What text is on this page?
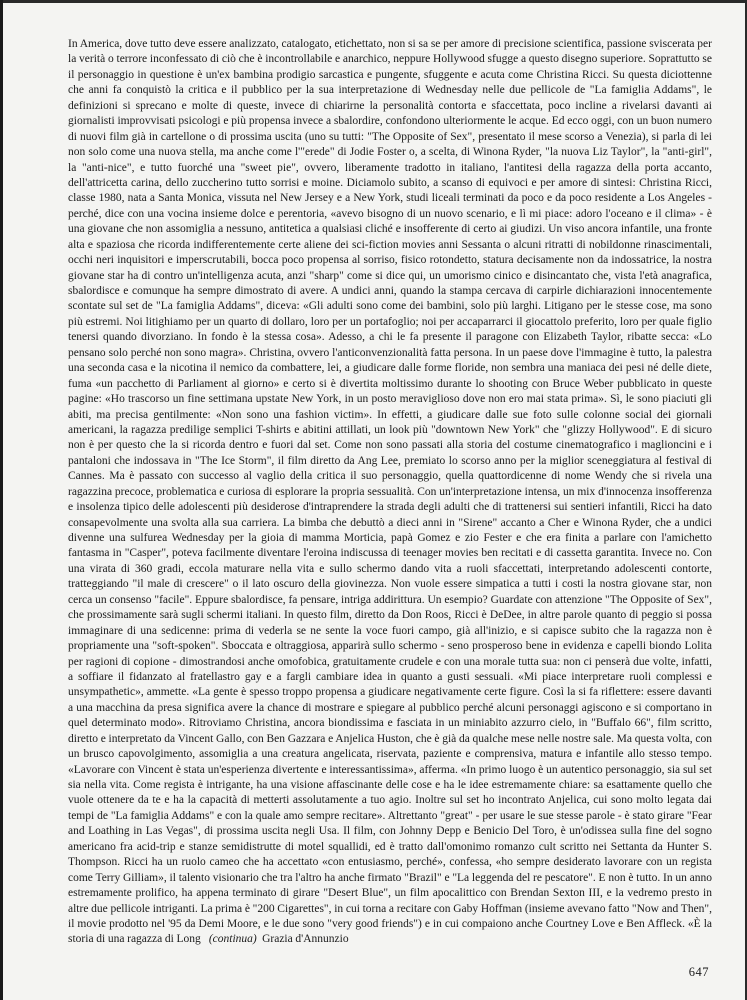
In America, dove tutto deve essere analizzato, catalogato, etichettato, non si sa se per amore di precisione scientifica, passione sviscerata per la verità o terrore inconfessato di ciò che è incontrollabile e anarchico, neppure Hollywood sfugge a questo disegno superiore. Soprattutto se il personaggio in questione è un'ex bambina prodigio sarcastica e pungente, sfuggente e acuta come Christina Ricci. Su questa diciottenne che anni fa conquistò la critica e il pubblico per la sua interpretazione di Wednesday nelle due pellicole de "La famiglia Addams", le definizioni si sprecano e molte di queste, invece di chiarirne la personalità contorta e sfaccettata, poco incline a rivelarsi davanti ai giornalisti improvvisati psicologi e più propensa invece a sbalordire, confondono ulteriormente le acque. Ed ecco oggi, con un buon numero di nuovi film già in cartellone o di prossima uscita (uno su tutti: "The Opposite of Sex", presentato il mese scorso a Venezia), si parla di lei non solo come una nuova stella, ma anche come l'"erede" di Jodie Foster o, a scelta, di Winona Ryder, "la nuova Liz Taylor", la "anti-girl", la "anti-nice", e tutto fuorché una "sweet pie", ovvero, liberamente tradotto in italiano, l'antitesi della ragazza della porta accanto, dell'attricetta carina, dello zuccherino tutto sorrisi e moine. Diciamolo subito, a scanso di equivoci e per amore di sintesi: Christina Ricci, classe 1980, nata a Santa Monica, vissuta nel New Jersey e a New York, studi liceali terminati da poco e da poco residente a Los Angeles - perché, dice con una vocina insieme dolce e perentoria, «avevo bisogno di un nuovo scenario, e lì mi piace: adoro l'oceano e il clima» - è una giovane che non assomiglia a nessuno, antitetica a qualsiasi cliché e insofferente di certo ai giudizi. Un viso ancora infantile, una fronte alta e spaziosa che ricorda indifferentemente certe aliene dei sci-fiction movies anni Sessanta o alcuni ritratti di nobildonne rinascimentali, occhi neri inquisitori e imperscrutabili, bocca poco propensa al sorriso, fisico rotondetto, statura decisamente non da indossatrice, la nostra giovane star ha di contro un'intelligenza acuta, anzi "sharp" come si dice qui, un umorismo cinico e disincantato che, vista l'età anagrafica, sbalordisce e comunque ha sempre dimostrato di avere. A undici anni, quando la stampa cercava di carpirle dichiarazioni innocentemente scontate sul set de "La famiglia Addams", diceva: «Gli adulti sono come dei bambini, solo più larghi. Litigano per le stesse cose, ma sono più estremi. Noi litighiamo per un quarto di dollaro, loro per un portafoglio; noi per accaparrarci il giocattolo preferito, loro per quale figlio tenersi quando divorziano. In fondo è la stessa cosa». Adesso, a chi le fa presente il paragone con Elizabeth Taylor, ribatte secca: «Lo pensano solo perché non sono magra». Christina, ovvero l'anticonvenzionalità fatta persona. In un paese dove l'immagine è tutto, la palestra una seconda casa e la nicotina il nemico da combattere, lei, a giudicare dalle forme floride, non sembra una maniaca dei pesi né delle diete, fuma «un pacchetto di Parliament al giorno» e certo si è divertita moltissimo durante lo shooting con Bruce Weber pubblicato in queste pagine: «Ho trascorso un fine settimana upstate New York, in un posto meraviglioso dove non ero mai stata prima». Sì, le sono piaciuti gli abiti, ma precisa gentilmente: «Non sono una fashion victim». In effetti, a giudicare dalle sue foto sulle colonne social dei giornali americani, la ragazza predilige semplici T-shirts e abitini attillati, un look più "downtown New York" che "glizzy Hollywood". E di sicuro non è per questo che la si ricorda dentro e fuori dal set. Come non sono passati alla storia del costume cinematografico i maglioncini e i pantaloni che indossava in "The Ice Storm", il film diretto da Ang Lee, premiato lo scorso anno per la miglior sceneggiatura al festival di Cannes. Ma è passato con successo al vaglio della critica il suo personaggio, quella quattordicenne di nome Wendy che si rivela una ragazzina precoce, problematica e curiosa di esplorare la propria sessualità. Con un'interpretazione intensa, un mix d'innocenza insofferenza e insolenza tipico delle adolescenti più desiderose d'intraprendere la strada degli adulti che di trattenersi sui sentieri infantili, Ricci ha dato consapevolmente una svolta alla sua carriera. La bimba che debuttò a dieci anni in "Sirene" accanto a Cher e Winona Ryder, che a undici divenne una sulfurea Wednesday per la gioia di mamma Morticia, papà Gomez e zio Fester e che era finita a parlare con l'amichetto fantasma in "Casper", poteva facilmente diventare l'eroina indiscussa di teenager movies ben recitati e di cassetta garantita. Invece no. Con una virata di 360 gradi, eccola maturare nella vita e sullo schermo dando vita a ruoli sfaccettati, interpretando adolescenti contorte, tratteggiando "il male di crescere" o il lato oscuro della giovinezza. Non vuole essere simpatica a tutti i costi la nostra giovane star, non cerca un consenso "facile". Eppure sbalordisce, fa pensare, intriga addirittura. Un esempio? Guardate con attenzione "The Opposite of Sex", che prossimamente sarà sugli schermi italiani. In questo film, diretto da Don Roos, Ricci è DeDee, in altre parole quanto di peggio si possa immaginare di una sedicenne: prima di vederla se ne sente la voce fuori campo, già all'inizio, e si capisce subito che la ragazza non è propriamente una "soft-spoken". Sboccata e oltraggiosa, apparirà sullo schermo - seno prosperoso bene in evidenza e capelli biondo Lolita per ragioni di copione - dimostrandosi anche omofobica, gratuitamente crudele e con una morale tutta sua: non ci penserà due volte, infatti, a soffiare il fidanzato al fratellastro gay e a fargli cambiare idea in quanto a gusti sessuali. «Mi piace interpretare ruoli complessi e unsympathetic», ammette. «La gente è spesso troppo propensa a giudicare negativamente certe figure. Così la si fa riflettere: essere davanti a una macchina da presa significa avere la chance di mostrare e spiegare al pubblico perché alcuni personaggi agiscono e si comportano in quel determinato modo». Ritroviamo Christina, ancora biondissima e fasciata in un miniabito azzurro cielo, in "Buffalo 66", film scritto, diretto e interpretato da Vincent Gallo, con Ben Gazzara e Anjelica Huston, che è già da qualche mese nelle nostre sale. Ma questa volta, con un brusco capovolgimento, assomiglia a una creatura angelicata, riservata, paziente e comprensiva, matura e infantile allo stesso tempo. «Lavorare con Vincent è stata un'esperienza divertente e interessantissima», afferma. «In primo luogo è un autentico personaggio, sia sul set sia nella vita. Come regista è intrigante, ha una visione affascinante delle cose e ha le idee estremamente chiare: sa esattamente quello che vuole ottenere da te e ha la capacità di metterti assolutamente a tuo agio. Inoltre sul set ho incontrato Anjelica, cui sono molto legata dai tempi de "La famiglia Addams" e con la quale amo sempre recitare». Altrettanto "great" - per usare le sue stesse parole - è stato girare "Fear and Loathing in Las Vegas", di prossima uscita negli Usa. Il film, con Johnny Depp e Benicio Del Toro, è un'odissea sulla fine del sogno americano fra acid-trip e stanze semidistrutte di motel squallidi, ed è tratto dall'omonimo romanzo cult scritto nei Settanta da Hunter S. Thompson. Ricci ha un ruolo cameo che ha accettato «con entusiasmo, perché», confessa, «ho sempre desiderato lavorare con un regista come Terry Gilliam», il talento visionario che tra l'altro ha anche firmato "Brazil" e "La leggenda del re pescatore". E non è tutto. In un anno estremamente prolifico, ha appena terminato di girare "Desert Blue", un film apocalittico con Brendan Sexton III, e la vedremo presto in altre due pellicole intriganti. La prima è "200 Cigarettes", in cui torna a recitare con Gaby Hoffman (insieme avevano fatto "Now and Then", il movie prodotto nel '95 da Demi Moore, e le due sono "very good friends") e in cui compaiono anche Courtney Love e Ben Affleck. «È la storia di una ragazza di Long (continua) Grazia d'Annunzio

647
